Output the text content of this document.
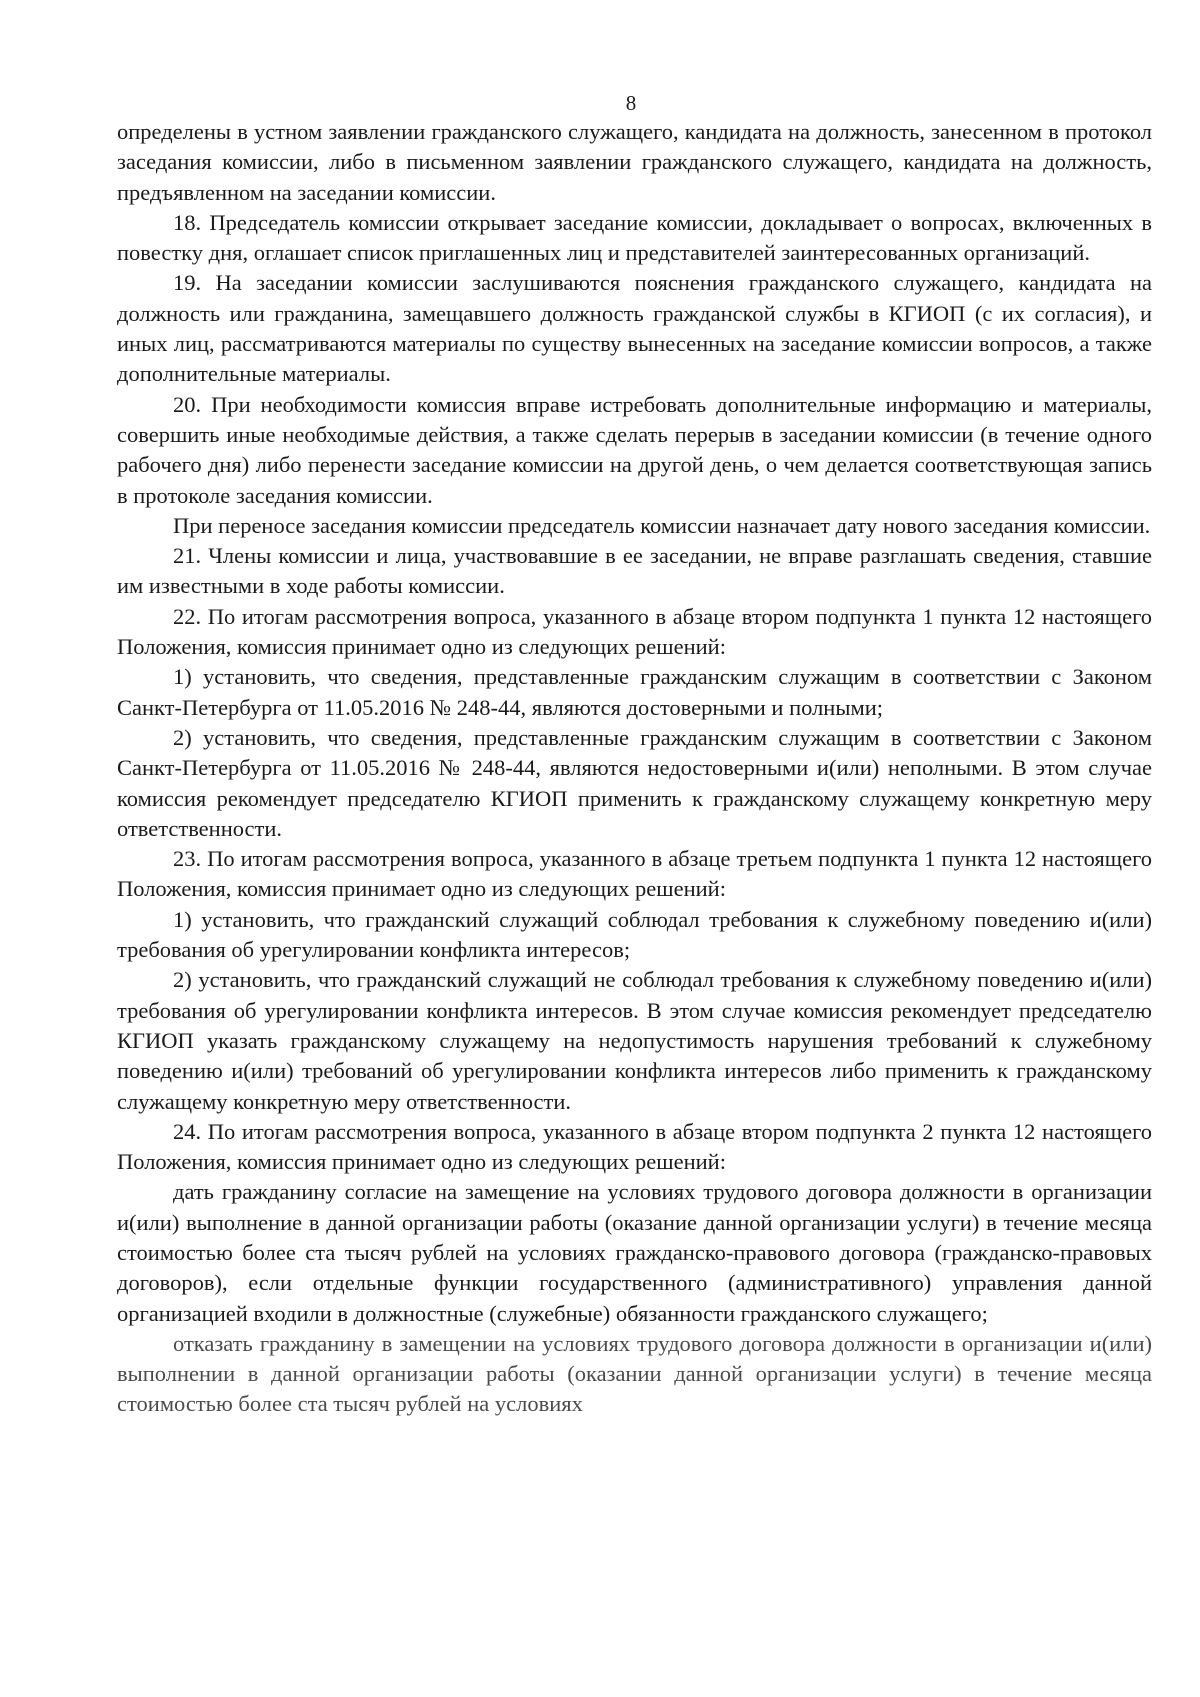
8

определены в устном заявлении гражданского служащего, кандидата на должность, занесенном в протокол заседания комиссии, либо в письменном заявлении гражданского служащего, кандидата на должность, предъявленном на заседании комиссии.

18. Председатель комиссии открывает заседание комиссии, докладывает о вопросах, включенных в повестку дня, оглашает список приглашенных лиц и представителей заинтересованных организаций.

19. На заседании комиссии заслушиваются пояснения гражданского служащего, кандидата на должность или гражданина, замещавшего должность гражданской службы в КГИОП (с их согласия), и иных лиц, рассматриваются материалы по существу вынесенных на заседание комиссии вопросов, а также дополнительные материалы.

20. При необходимости комиссия вправе истребовать дополнительные информацию и материалы, совершить иные необходимые действия, а также сделать перерыв в заседании комиссии (в течение одного рабочего дня) либо перенести заседание комиссии на другой день, о чем делается соответствующая запись в протоколе заседания комиссии.

При переносе заседания комиссии председатель комиссии назначает дату нового заседания комиссии.

21. Члены комиссии и лица, участвовавшие в ее заседании, не вправе разглашать сведения, ставшие им известными в ходе работы комиссии.

22. По итогам рассмотрения вопроса, указанного в абзаце втором подпункта 1 пункта 12 настоящего Положения, комиссия принимает одно из следующих решений:

1) установить, что сведения, представленные гражданским служащим в соответствии с Законом Санкт-Петербурга от 11.05.2016 № 248-44, являются достоверными и полными;

2) установить, что сведения, представленные гражданским служащим в соответствии с Законом Санкт-Петербурга от 11.05.2016 № 248-44, являются недостоверными и(или) неполными. В этом случае комиссия рекомендует председателю КГИОП применить к гражданскому служащему конкретную меру ответственности.

23. По итогам рассмотрения вопроса, указанного в абзаце третьем подпункта 1 пункта 12 настоящего Положения, комиссия принимает одно из следующих решений:

1) установить, что гражданский служащий соблюдал требования к служебному поведению и(или) требования об урегулировании конфликта интересов;

2) установить, что гражданский служащий не соблюдал требования к служебному поведению и(или) требования об урегулировании конфликта интересов. В этом случае комиссия рекомендует председателю КГИОП указать гражданскому служащему на недопустимость нарушения требований к служебному поведению и(или) требований об урегулировании конфликта интересов либо применить к гражданскому служащему конкретную меру ответственности.

24. По итогам рассмотрения вопроса, указанного в абзаце втором подпункта 2 пункта 12 настоящего Положения, комиссия принимает одно из следующих решений:

дать гражданину согласие на замещение на условиях трудового договора должности в организации и(или) выполнение в данной организации работы (оказание данной организации услуги) в течение месяца стоимостью более ста тысяч рублей на условиях гражданско-правового договора (гражданско-правовых договоров), если отдельные функции государственного (административного) управления данной организацией входили в должностные (служебные) обязанности гражданского служащего;

отказать гражданину в замещении на условиях трудового договора должности в организации и(или) выполнении в данной организации работы (оказании данной организации услуги) в течение месяца стоимостью более ста тысяч рублей на условиях
